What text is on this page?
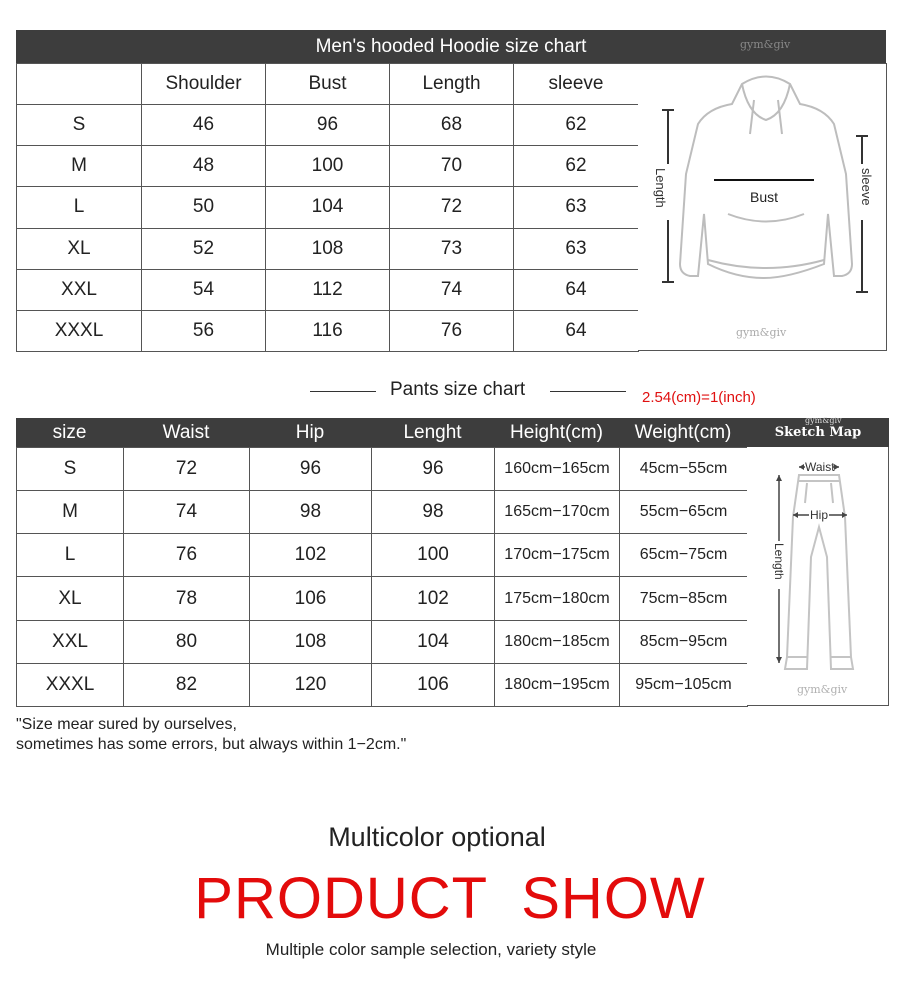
Men's hooded Hoodie size chart	gym&giv
	Shoulder	Bust	Length	sleeve
S	46	96	68	62
M	48	100	70	62
L	50	104	72	63
XL	52	108	73	63
XXL	54	112	74	64
XXXL	56	116	76	64
Length	Bust	sleeve
gym&giv
Pants size chart	2.54(cm)=1(inch)
size	Waist	Hip	Lenght	Height(cm)	Weight(cm)
gym&giv
Sketch Map
S	72	96	96	160cm−165cm	45cm−55cm
M	74	98	98	165cm−170cm	55cm−65cm
L	76	102	100	170cm−175cm	65cm−75cm
XL	78	106	102	175cm−180cm	75cm−85cm
XXL	80	108	104	180cm−185cm	85cm−95cm
XXXL	82	120	106	180cm−195cm	95cm−105cm
Waist
Hip
Length
gym&giv
"Size mear sured by ourselves,
sometimes has some errors, but always within 1−2cm."
Multicolor optional
PRODUCT  SHOW
Multiple color sample selection, variety style
